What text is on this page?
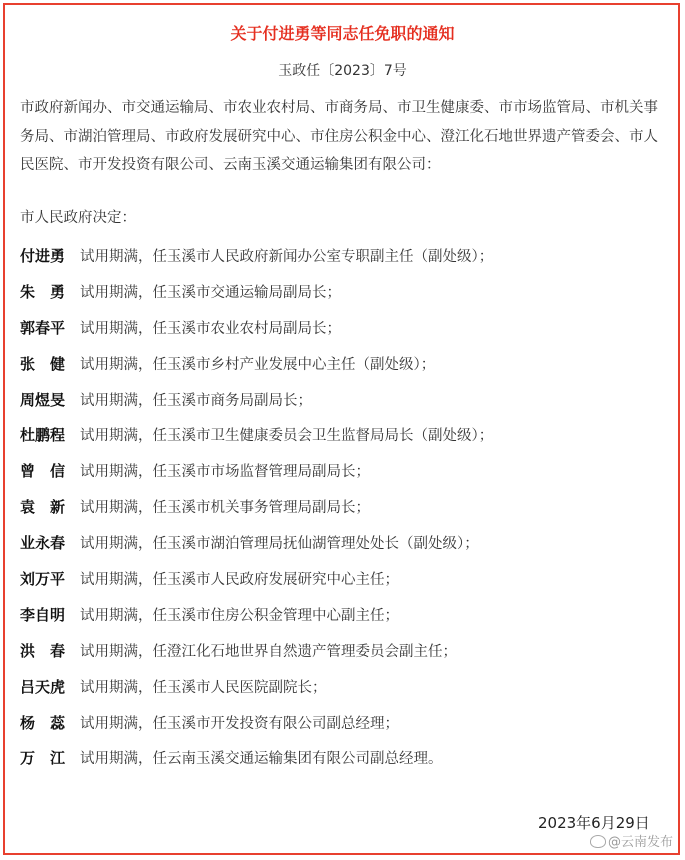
关于付进勇等同志任免职的通知
玉政任〔2023〕7号
市政府新闻办、市交通运输局、市农业农村局、市商务局、市卫生健康委、市市场监管局、市机关事务局、市湖泊管理局、市政府发展研究中心、市住房公积金中心、澄江化石地世界遗产管委会、市人民医院、市开发投资有限公司、云南玉溪交通运输集团有限公司：
市人民政府决定：
付进勇 试用期满，任玉溪市人民政府新闻办公室专职副主任（副处级）；
朱　勇 试用期满，任玉溪市交通运输局副局长；
郭春平 试用期满，任玉溪市农业农村局副局长；
张　健 试用期满，任玉溪市乡村产业发展中心主任（副处级）；
周煜旻 试用期满，任玉溪市商务局副局长；
杜鹏程 试用期满，任玉溪市卫生健康委员会卫生监督局局长（副处级）；
曾　信 试用期满，任玉溪市市场监督管理局副局长；
袁　新 试用期满，任玉溪市机关事务管理局副局长；
业永春 试用期满，任玉溪市湖泊管理局抚仙湖管理处处长（副处级）；
刘万平 试用期满，任玉溪市人民政府发展研究中心主任；
李自明 试用期满，任玉溪市住房公积金管理中心副主任；
洪　春 试用期满，任澄江化石地世界自然遗产管理委员会副主任；
吕天虎 试用期满，任玉溪市人民医院副院长；
杨　蕊 试用期满，任玉溪市开发投资有限公司副总经理；
万　江 试用期满，任云南玉溪交通运输集团有限公司副总经理。
2023年6月29日
@云南发布
